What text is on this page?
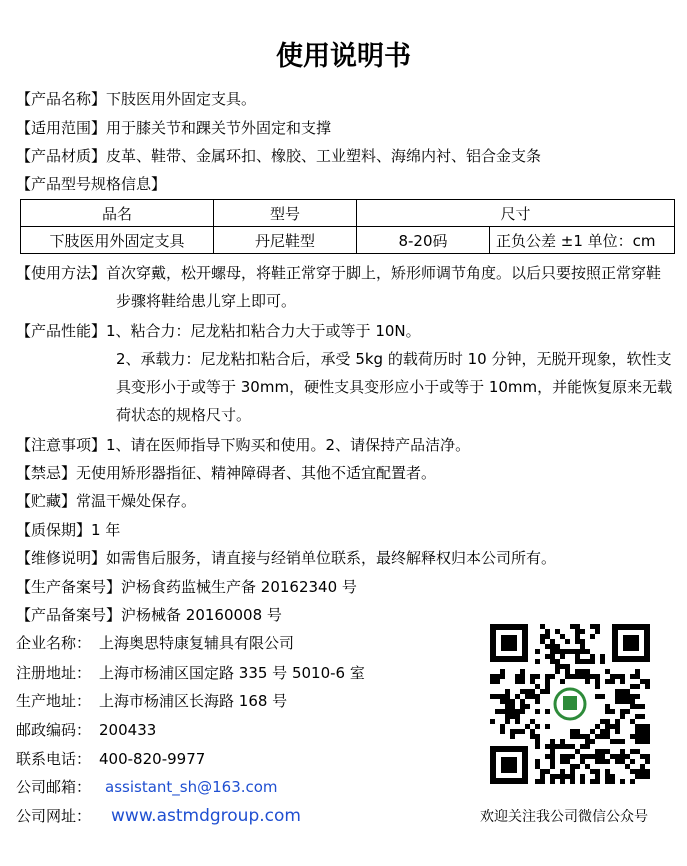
使用说明书
【产品名称】下肢医用外固定支具。
【适用范围】用于膝关节和踝关节外固定和支撑
【产品材质】皮革、鞋带、金属环扣、橡胶、工业塑料、海绵内衬、铝合金支条
【产品型号规格信息】
品名	型号	尺寸	
下肢医用外固定支具	丹尼鞋型	8-20码	正负公差 ±1 单位：cm
【使用方法】首次穿戴，松开螺母，将鞋正常穿于脚上，矫形师调节角度。以后只要按照正常穿鞋步骤将鞋给患儿穿上即可。
【产品性能】1、粘合力：尼龙粘扣粘合力大于或等于 10N。
2、承载力：尼龙粘扣粘合后，承受 5kg 的载荷历时 10 分钟，无脱开现象，软性支具变形小于或等于 30mm，硬性支具变形应小于或等于 10mm，并能恢复原来无载荷状态的规格尺寸。
【注意事项】1、请在医师指导下购买和使用。2、请保持产品洁净。
【禁忌】无使用矫形器指征、精神障碍者、其他不适宜配置者。
【贮藏】常温干燥处保存。
【质保期】1 年
【维修说明】如需售后服务，请直接与经销单位联系，最终解释权归本公司所有。
【生产备案号】沪杨食药监械生产备 20162340 号
【产品备案号】沪杨械备 20160008 号
企业名称： 上海奥思特康复辅具有限公司
注册地址： 上海市杨浦区国定路 335 号 5010-6 室
生产地址： 上海市杨浦区长海路 168 号
邮政编码： 200433
联系电话： 400-820-9977
公司邮箱： assistant_sh@163.com
公司网址： www.astmdgroup.com	欢迎关注我公司微信公众号
